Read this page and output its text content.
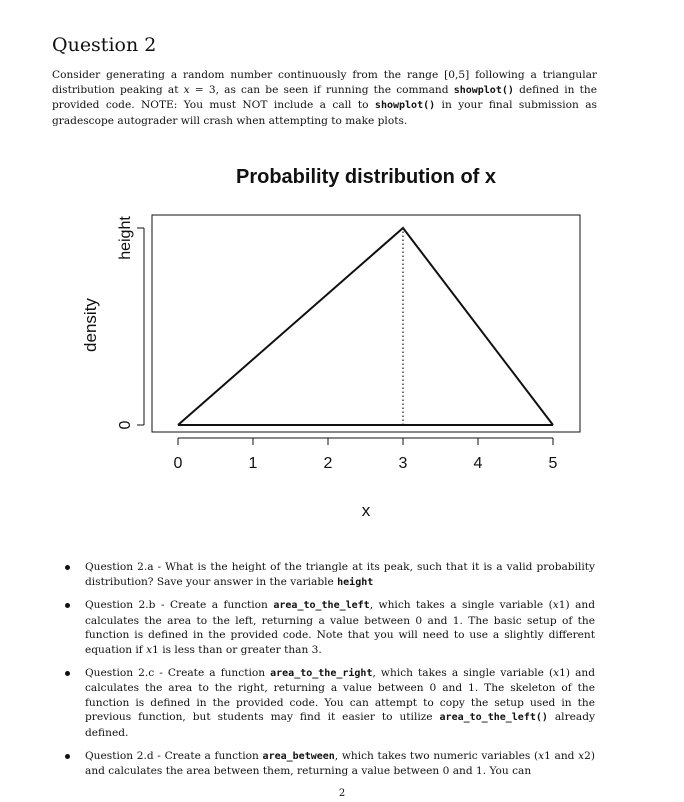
Question 2

Consider generating a random number continuously from the range [0,5] following a triangular distribution peaking at x = 3, as can be seen if running the command showplot() defined in the provided code. NOTE: You must NOT include a call to showplot() in your final submission as gradescope autograder will crash when attempting to make plots.

Probability distribution of x
0	1	2	3	4	5
0
height
density
x
Question 2.a - What is the height of the triangle at its peak, such that it is a valid probability distribution? Save your answer in the variable height
Question 2.b - Create a function area_to_the_left, which takes a single variable (x1) and calculates the area to the left, returning a value between 0 and 1. The basic setup of the function is defined in the provided code. Note that you will need to use a slightly different equation if x1 is less than or greater than 3.
Question 2.c - Create a function area_to_the_right, which takes a single variable (x1) and calculates the area to the right, returning a value between 0 and 1. The skeleton of the function is defined in the provided code. You can attempt to copy the setup used in the previous function, but students may find it easier to utilize area_to_the_left() already defined.
Question 2.d - Create a function area_between, which takes two numeric variables (x1 and x2) and calculates the area between them, returning a value between 0 and 1. You can
2
